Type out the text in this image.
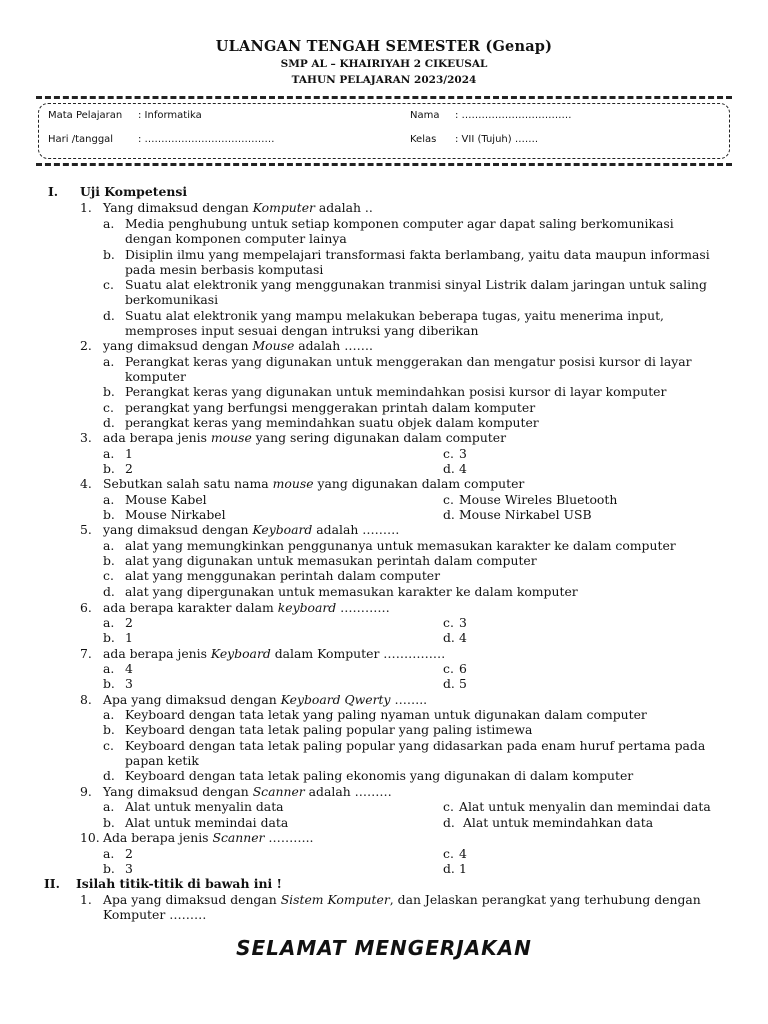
ULANGAN TENGAH SEMESTER (Genap)
SMP AL – KHAIRIYAH 2 CIKEUSAL
TAHUN PELAJARAN 2023/2024
Mata Pelajaran : Informatika	Nama : ……………………………
Hari /tanggal : …………………………………	Kelas : VII (Tujuh) …….
I. Uji Kompetensi
1. Yang dimaksud dengan Komputer adalah ..
a. Media penghubung untuk setiap komponen computer agar dapat saling berkomunikasi
dengan komponen computer lainya
b. Disiplin ilmu yang mempelajari transformasi fakta berlambang, yaitu data maupun informasi
pada mesin berbasis komputasi
c. Suatu alat elektronik yang menggunakan tranmisi sinyal Listrik dalam jaringan untuk saling
berkomunikasi
d. Suatu alat elektronik yang mampu melakukan beberapa tugas, yaitu menerima input,
memproses input sesuai dengan intruksi yang diberikan
2. yang dimaksud dengan Mouse adalah …….
a. Perangkat keras yang digunakan untuk menggerakan dan mengatur posisi kursor di layar
komputer
b. Perangkat keras yang digunakan untuk memindahkan posisi kursor di layar komputer
c. perangkat yang berfungsi menggerakan printah dalam komputer
d. perangkat keras yang memindahkan suatu objek dalam komputer
3. ada berapa jenis mouse yang sering digunakan dalam computer
a. 1	c. 3
b. 2	d. 4
4. Sebutkan salah satu nama mouse yang digunakan dalam computer
a. Mouse Kabel	c. Mouse Wireles Bluetooth
b. Mouse Nirkabel	d. Mouse Nirkabel USB
5. yang dimaksud dengan Keyboard adalah ………
a. alat yang memungkinkan penggunanya untuk memasukan karakter ke dalam computer
b. alat yang digunakan untuk memasukan perintah dalam computer
c. alat yang menggunakan perintah dalam computer
d. alat yang dipergunakan untuk memasukan karakter ke dalam komputer
6. ada berapa karakter dalam keyboard …………
a. 2	c. 3
b. 1	d. 4
7. ada berapa jenis Keyboard dalam Komputer ……………
a. 4	c. 6
b. 3	d. 5
8. Apa yang dimaksud dengan Keyboard Qwerty ……..
a. Keyboard dengan tata letak yang paling nyaman untuk digunakan dalam computer
b. Keyboard dengan tata letak paling popular yang paling istimewa
c. Keyboard dengan tata letak paling popular yang didasarkan pada enam huruf pertama pada
papan ketik
d. Keyboard dengan tata letak paling ekonomis yang digunakan di dalam komputer
9. Yang dimaksud dengan Scanner adalah ………
a. Alat untuk menyalin data	c. Alat untuk menyalin dan memindai data
b. Alat untuk memindai data	d. Alat untuk memindahkan data
10. Ada berapa jenis Scanner ………..
a. 2	c. 4
b. 3	d. 1
II. Isilah titik-titik di bawah ini !
1. Apa yang dimaksud dengan Sistem Komputer, dan Jelaskan perangkat yang terhubung dengan
Komputer ………
SELAMAT MENGERJAKAN
